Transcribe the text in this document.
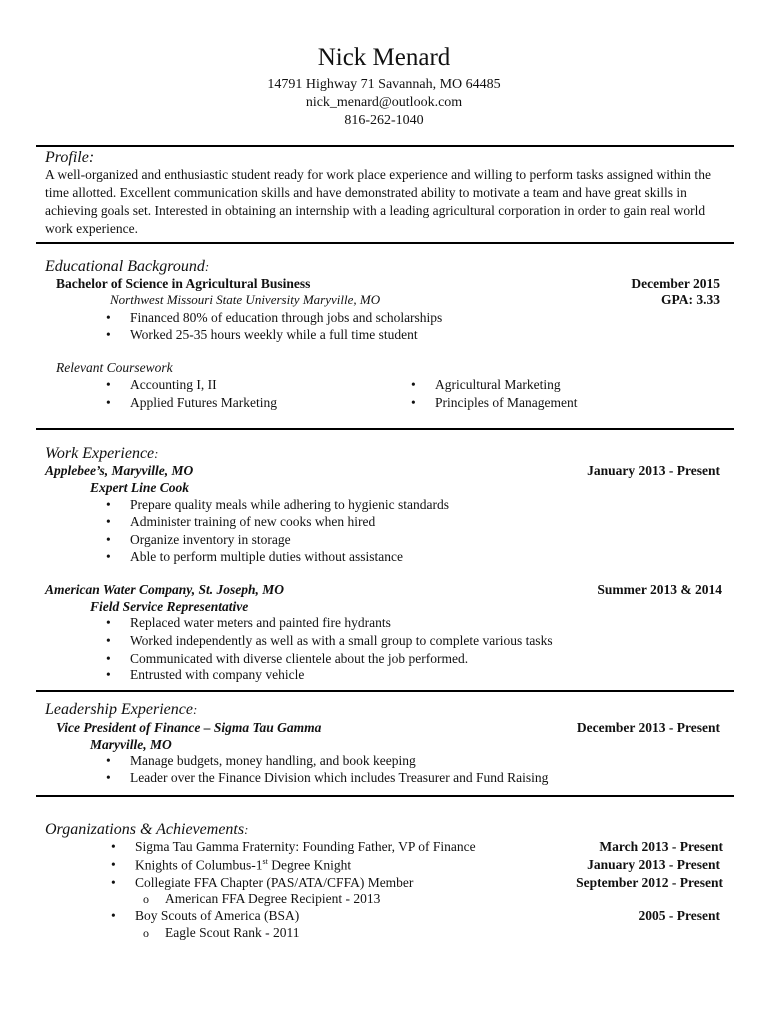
Nick Menard
14791 Highway 71 Savannah, MO 64485
nick_menard@outlook.com
816-262-1040
Profile:
A well-organized and enthusiastic student ready for work place experience and willing to perform tasks assigned within the time allotted. Excellent communication skills and have demonstrated ability to motivate a team and have great skills in achieving goals set. Interested in obtaining an internship with a leading agricultural corporation in order to gain real world work experience.
Educational Background:
Bachelor of Science in Agricultural Business	December 2015
Northwest Missouri State University Maryville, MO	GPA: 3.33
• Financed 80% of education through jobs and scholarships
• Worked 25-35 hours weekly while a full time student
Relevant Coursework
• Accounting I, II
• Applied Futures Marketing
• Agricultural Marketing
• Principles of Management
Work Experience:
Applebee’s, Maryville, MO	January 2013 - Present
Expert Line Cook
• Prepare quality meals while adhering to hygienic standards
• Administer training of new cooks when hired
• Organize inventory in storage
• Able to perform multiple duties without assistance
American Water Company, St. Joseph, MO	Summer 2013 & 2014
Field Service Representative
• Replaced water meters and painted fire hydrants
• Worked independently as well as with a small group to complete various tasks
• Communicated with diverse clientele about the job performed.
• Entrusted with company vehicle
Leadership Experience:
Vice President of Finance – Sigma Tau Gamma	December 2013 - Present
Maryville, MO
• Manage budgets, money handling, and book keeping
• Leader over the Finance Division which includes Treasurer and Fund Raising
Organizations & Achievements:
• Sigma Tau Gamma Fraternity: Founding Father, VP of Finance	March 2013 - Present
• Knights of Columbus-1st Degree Knight	January 2013 - Present
• Collegiate FFA Chapter (PAS/ATA/CFFA) Member	September 2012 - Present
o American FFA Degree Recipient - 2013
• Boy Scouts of America (BSA)	2005 - Present
o Eagle Scout Rank - 2011
